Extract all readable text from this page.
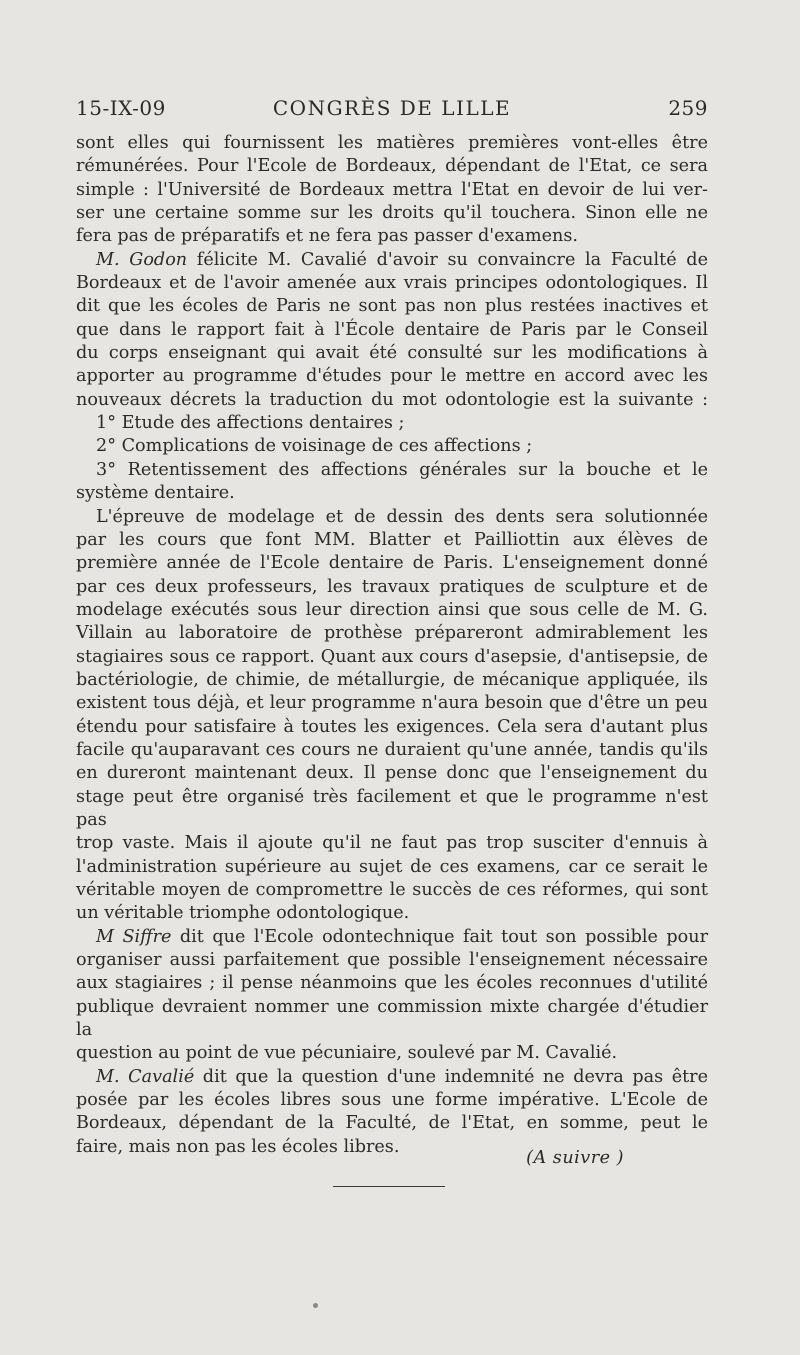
CONGRÈS DE LILLE
15-IX-09	259

sont elles qui fournissent les matières premières vont-elles être

rémunérées. Pour l'Ecole de Bordeaux, dépendant de l'Etat, ce sera

simple : l'Université de Bordeaux mettra l'Etat en devoir de lui ver-

ser une certaine somme sur les droits qu'il touchera. Sinon elle ne

fera pas de préparatifs et ne fera pas passer d'examens.

M. Godon félicite M. Cavalié d'avoir su convaincre la Faculté de

Bordeaux et de l'avoir amenée aux vrais principes odontologiques. Il

dit que les écoles de Paris ne sont pas non plus restées inactives et

que dans le rapport fait à l'École dentaire de Paris par le Conseil

du corps enseignant qui avait été consulté sur les modifications à

apporter au programme d'études pour le mettre en accord avec les

nouveaux décrets la traduction du mot odontologie est la suivante :

1° Etude des affections dentaires ;

2° Complications de voisinage de ces affections ;

3° Retentissement des affections générales sur la bouche et le

système dentaire.

L'épreuve de modelage et de dessin des dents sera solutionnée

par les cours que font MM. Blatter et Pailliottin aux élèves de

première année de l'Ecole dentaire de Paris. L'enseignement donné

par ces deux professeurs, les travaux pratiques de sculpture et de

modelage exécutés sous leur direction ainsi que sous celle de M. G.

Villain au laboratoire de prothèse prépareront admirablement les

stagiaires sous ce rapport. Quant aux cours d'asepsie, d'antisepsie, de

bactériologie, de chimie, de métallurgie, de mécanique appliquée, ils

existent tous déjà, et leur programme n'aura besoin que d'être un peu

étendu pour satisfaire à toutes les exigences. Cela sera d'autant plus

facile qu'auparavant ces cours ne duraient qu'une année, tandis qu'ils

en dureront maintenant deux. Il pense donc que l'enseignement du

stage peut être organisé très facilement et que le programme n'est pas

trop vaste. Mais il ajoute qu'il ne faut pas trop susciter d'ennuis à

l'administration supérieure au sujet de ces examens, car ce serait le

véritable moyen de compromettre le succès de ces réformes, qui sont

un véritable triomphe odontologique.

M Siffre dit que l'Ecole odontechnique fait tout son possible pour

organiser aussi parfaitement que possible l'enseignement nécessaire

aux stagiaires ; il pense néanmoins que les écoles reconnues d'utilité

publique devraient nommer une commission mixte chargée d'étudier la

question au point de vue pécuniaire, soulevé par M. Cavalié.

M. Cavalié dit que la question d'une indemnité ne devra pas être

posée par les écoles libres sous une forme impérative. L'Ecole de

Bordeaux, dépendant de la Faculté, de l'Etat, en somme, peut le

faire, mais non pas les écoles libres.

(A suivre )
